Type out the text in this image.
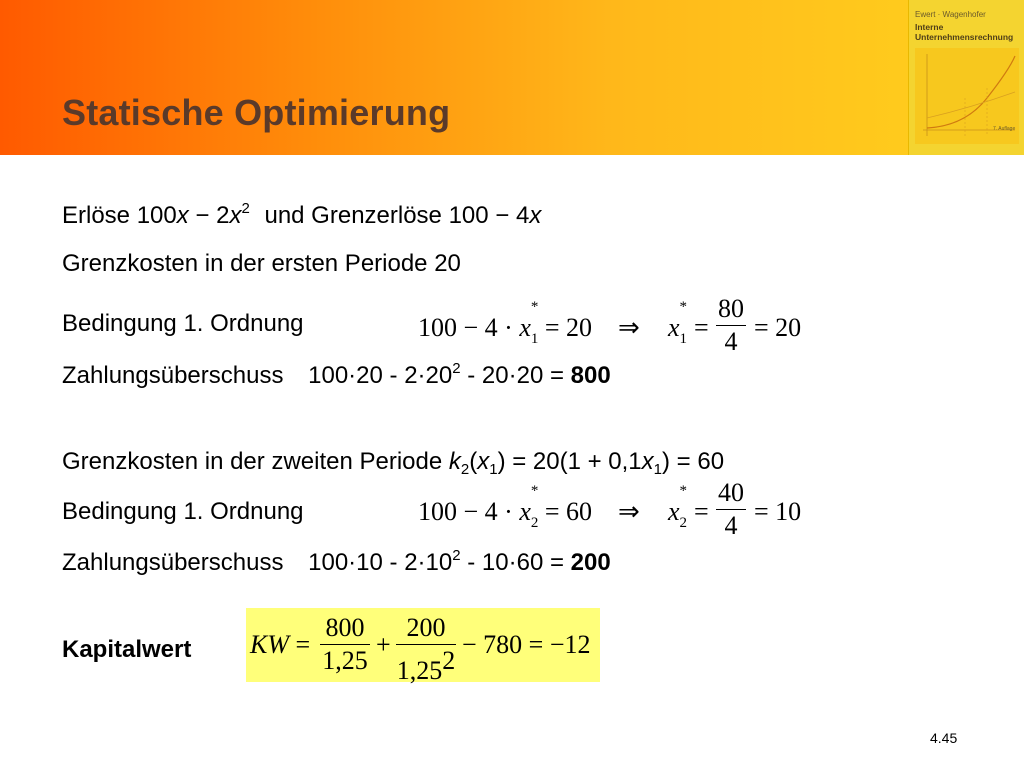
Statische Optimierung
Ewert · Wagenhofer
Interne
Unternehmensrechnung
7. Auflage
Erlöse $100x - 2x^2$ und Grenzerlöse 100 − 4x
Grenzkosten in der ersten Periode 20
Bedingung 1. Ordnung	100 − 4 · x
*
$_1$ = 20 ⇒ x
*
$_1$ =
80
4 = 20
Zahlungsüberschuss $100\cdot 20 - 2\cdot 20^2 - 20\cdot 20 = 800$
Grenzkosten in der zweiten Periode $k_2(x_1) = 20(1 + 0,1x_1) = 60$
Bedingung 1. Ordnung	100 − 4 · x
*
$_2$ = 60 ⇒ x
*
$_2$ =
40
4 = 10
Zahlungsüberschuss $100\cdot 10 - 2\cdot 10^2 - 10\cdot 60 = 200$
Kapitalwert KW =
800
1,25
+
200
1,252
− 780 = −12
4.45
